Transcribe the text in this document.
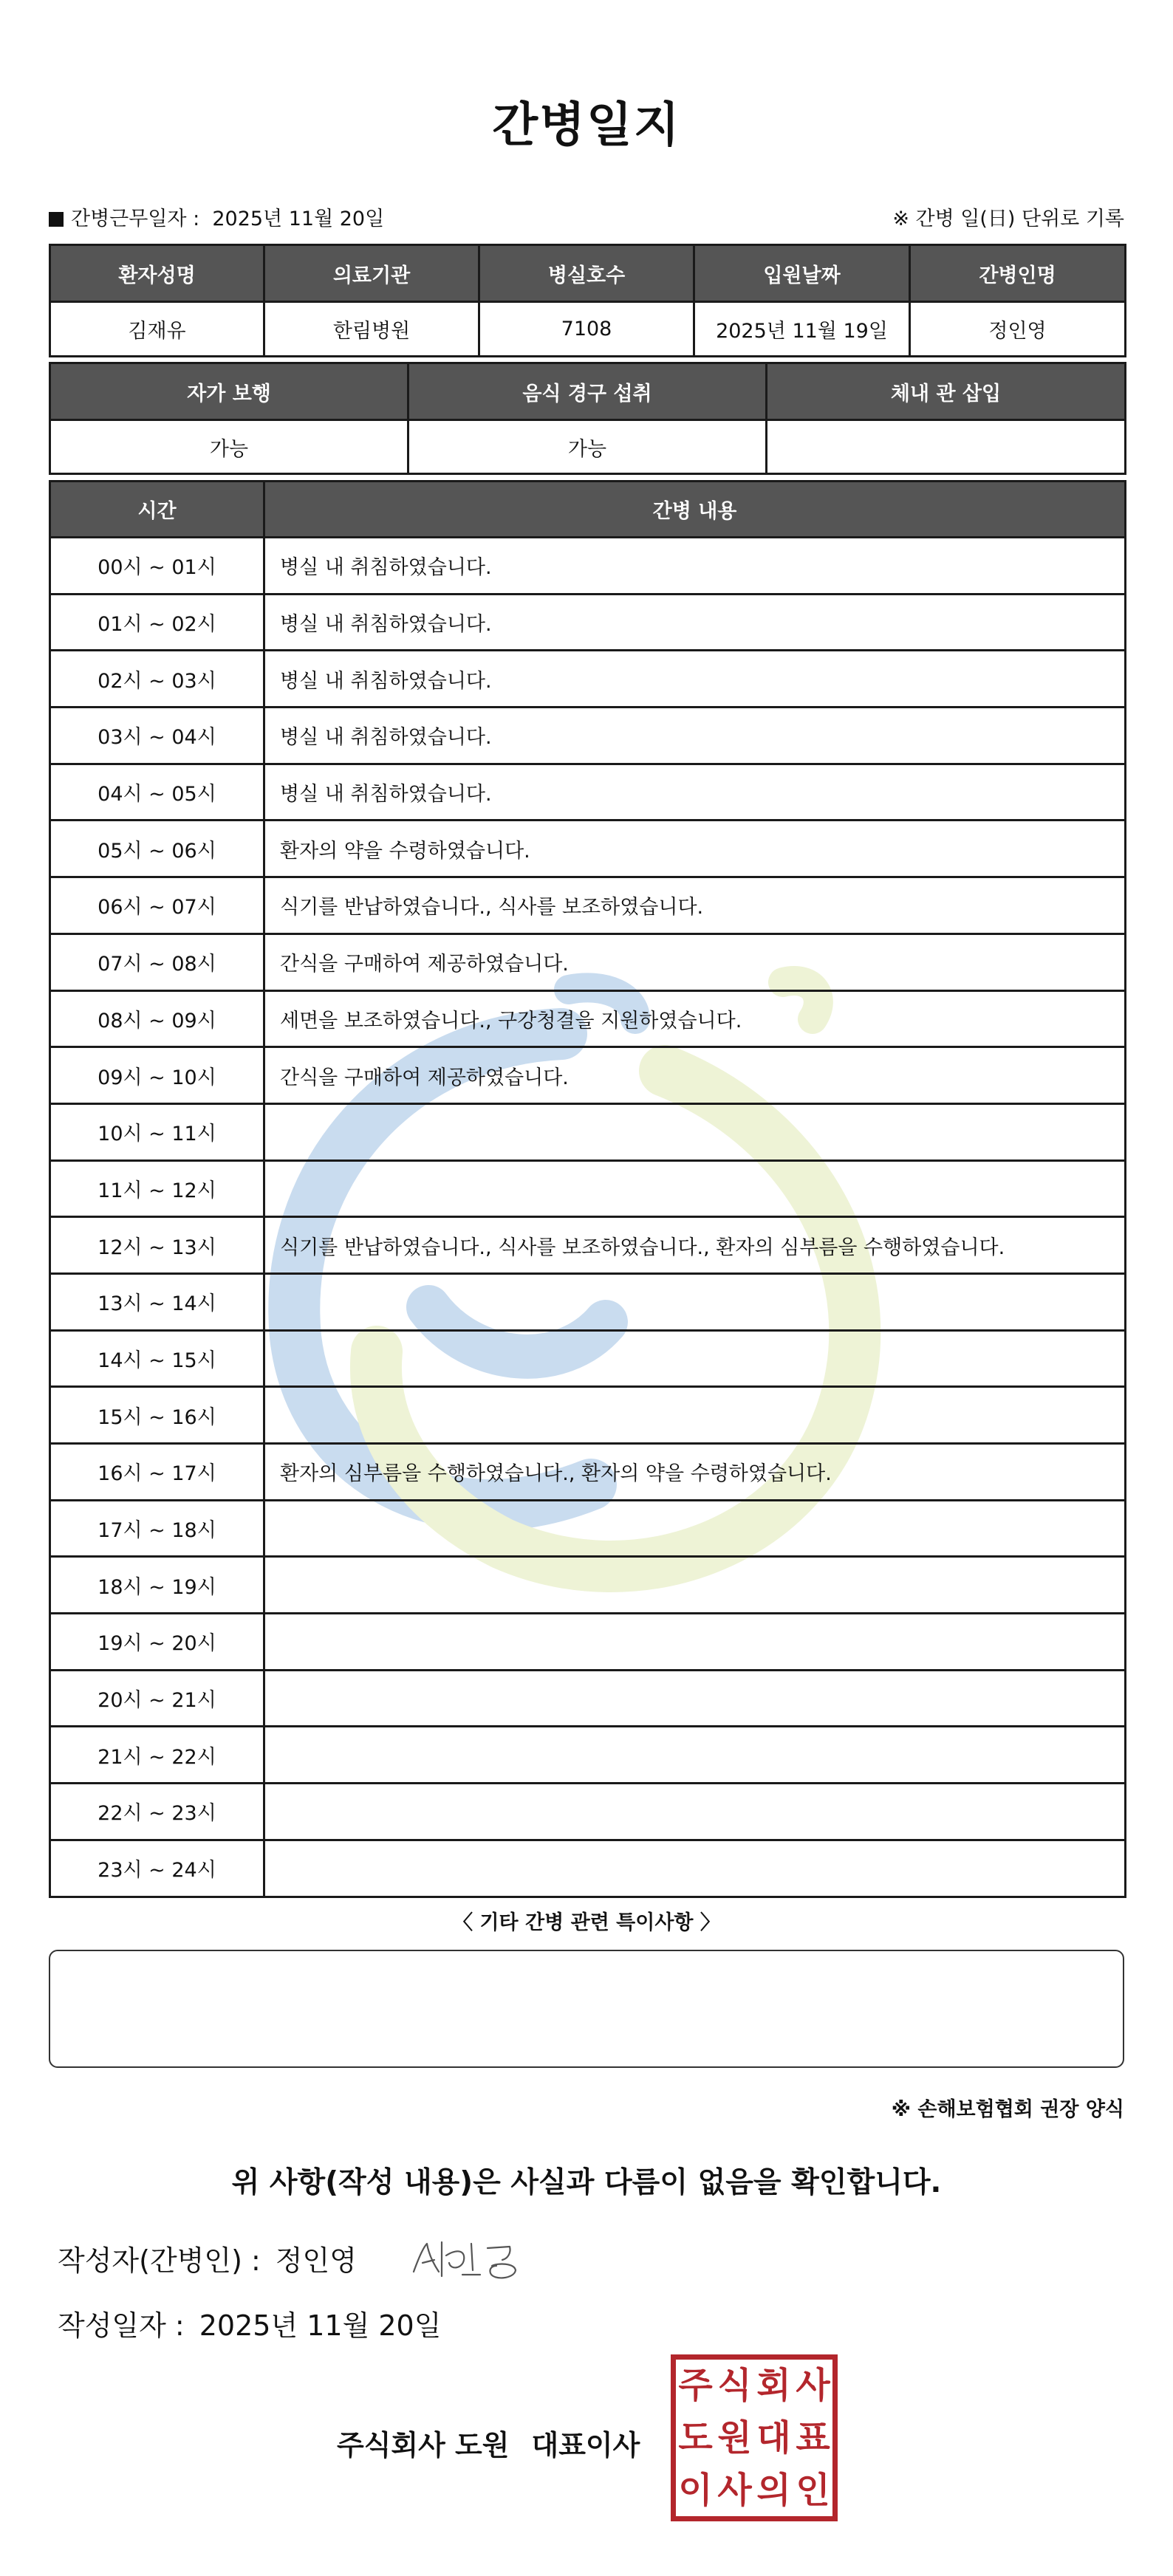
간병일지
간병근무일자 : 2025년 11월 20일	※ 간병 일(日) 단위로 기록
환자성명	의료기관	병실호수	입원날짜	간병인명
김재유	한림병원	7108	2025년 11월 19일	정인영
자가 보행	음식 경구 섭취	체내 관 삽입
가능	가능	
시간	간병 내용
00시 ~ 01시	병실 내 취침하였습니다.
01시 ~ 02시	병실 내 취침하였습니다.
02시 ~ 03시	병실 내 취침하였습니다.
03시 ~ 04시	병실 내 취침하였습니다.
04시 ~ 05시	병실 내 취침하였습니다.
05시 ~ 06시	환자의 약을 수령하였습니다.
06시 ~ 07시	식기를 반납하였습니다., 식사를 보조하였습니다.
07시 ~ 08시	간식을 구매하여 제공하였습니다.
08시 ~ 09시	세면을 보조하였습니다., 구강청결을 지원하였습니다.
09시 ~ 10시	간식을 구매하여 제공하였습니다.
10시 ~ 11시	
11시 ~ 12시	
12시 ~ 13시	식기를 반납하였습니다., 식사를 보조하였습니다., 환자의 심부름을 수행하였습니다.
13시 ~ 14시	
14시 ~ 15시	
15시 ~ 16시	
16시 ~ 17시	환자의 심부름을 수행하였습니다., 환자의 약을 수령하였습니다.
17시 ~ 18시	
18시 ~ 19시	
19시 ~ 20시	
20시 ~ 21시	
21시 ~ 22시	
22시 ~ 23시	
23시 ~ 24시	
〈 기타 간병 관련 특이사항 〉
※ 손해보험협회 권장 양식
위 사항(작성 내용)은 사실과 다름이 없음을 확인합니다.
작성자(간병인) : 정인영
작성일자 : 2025년 11월 20일
주식회사 도원 대표이사
주 식 회 사
도 원 대 표
이 사 의 인
